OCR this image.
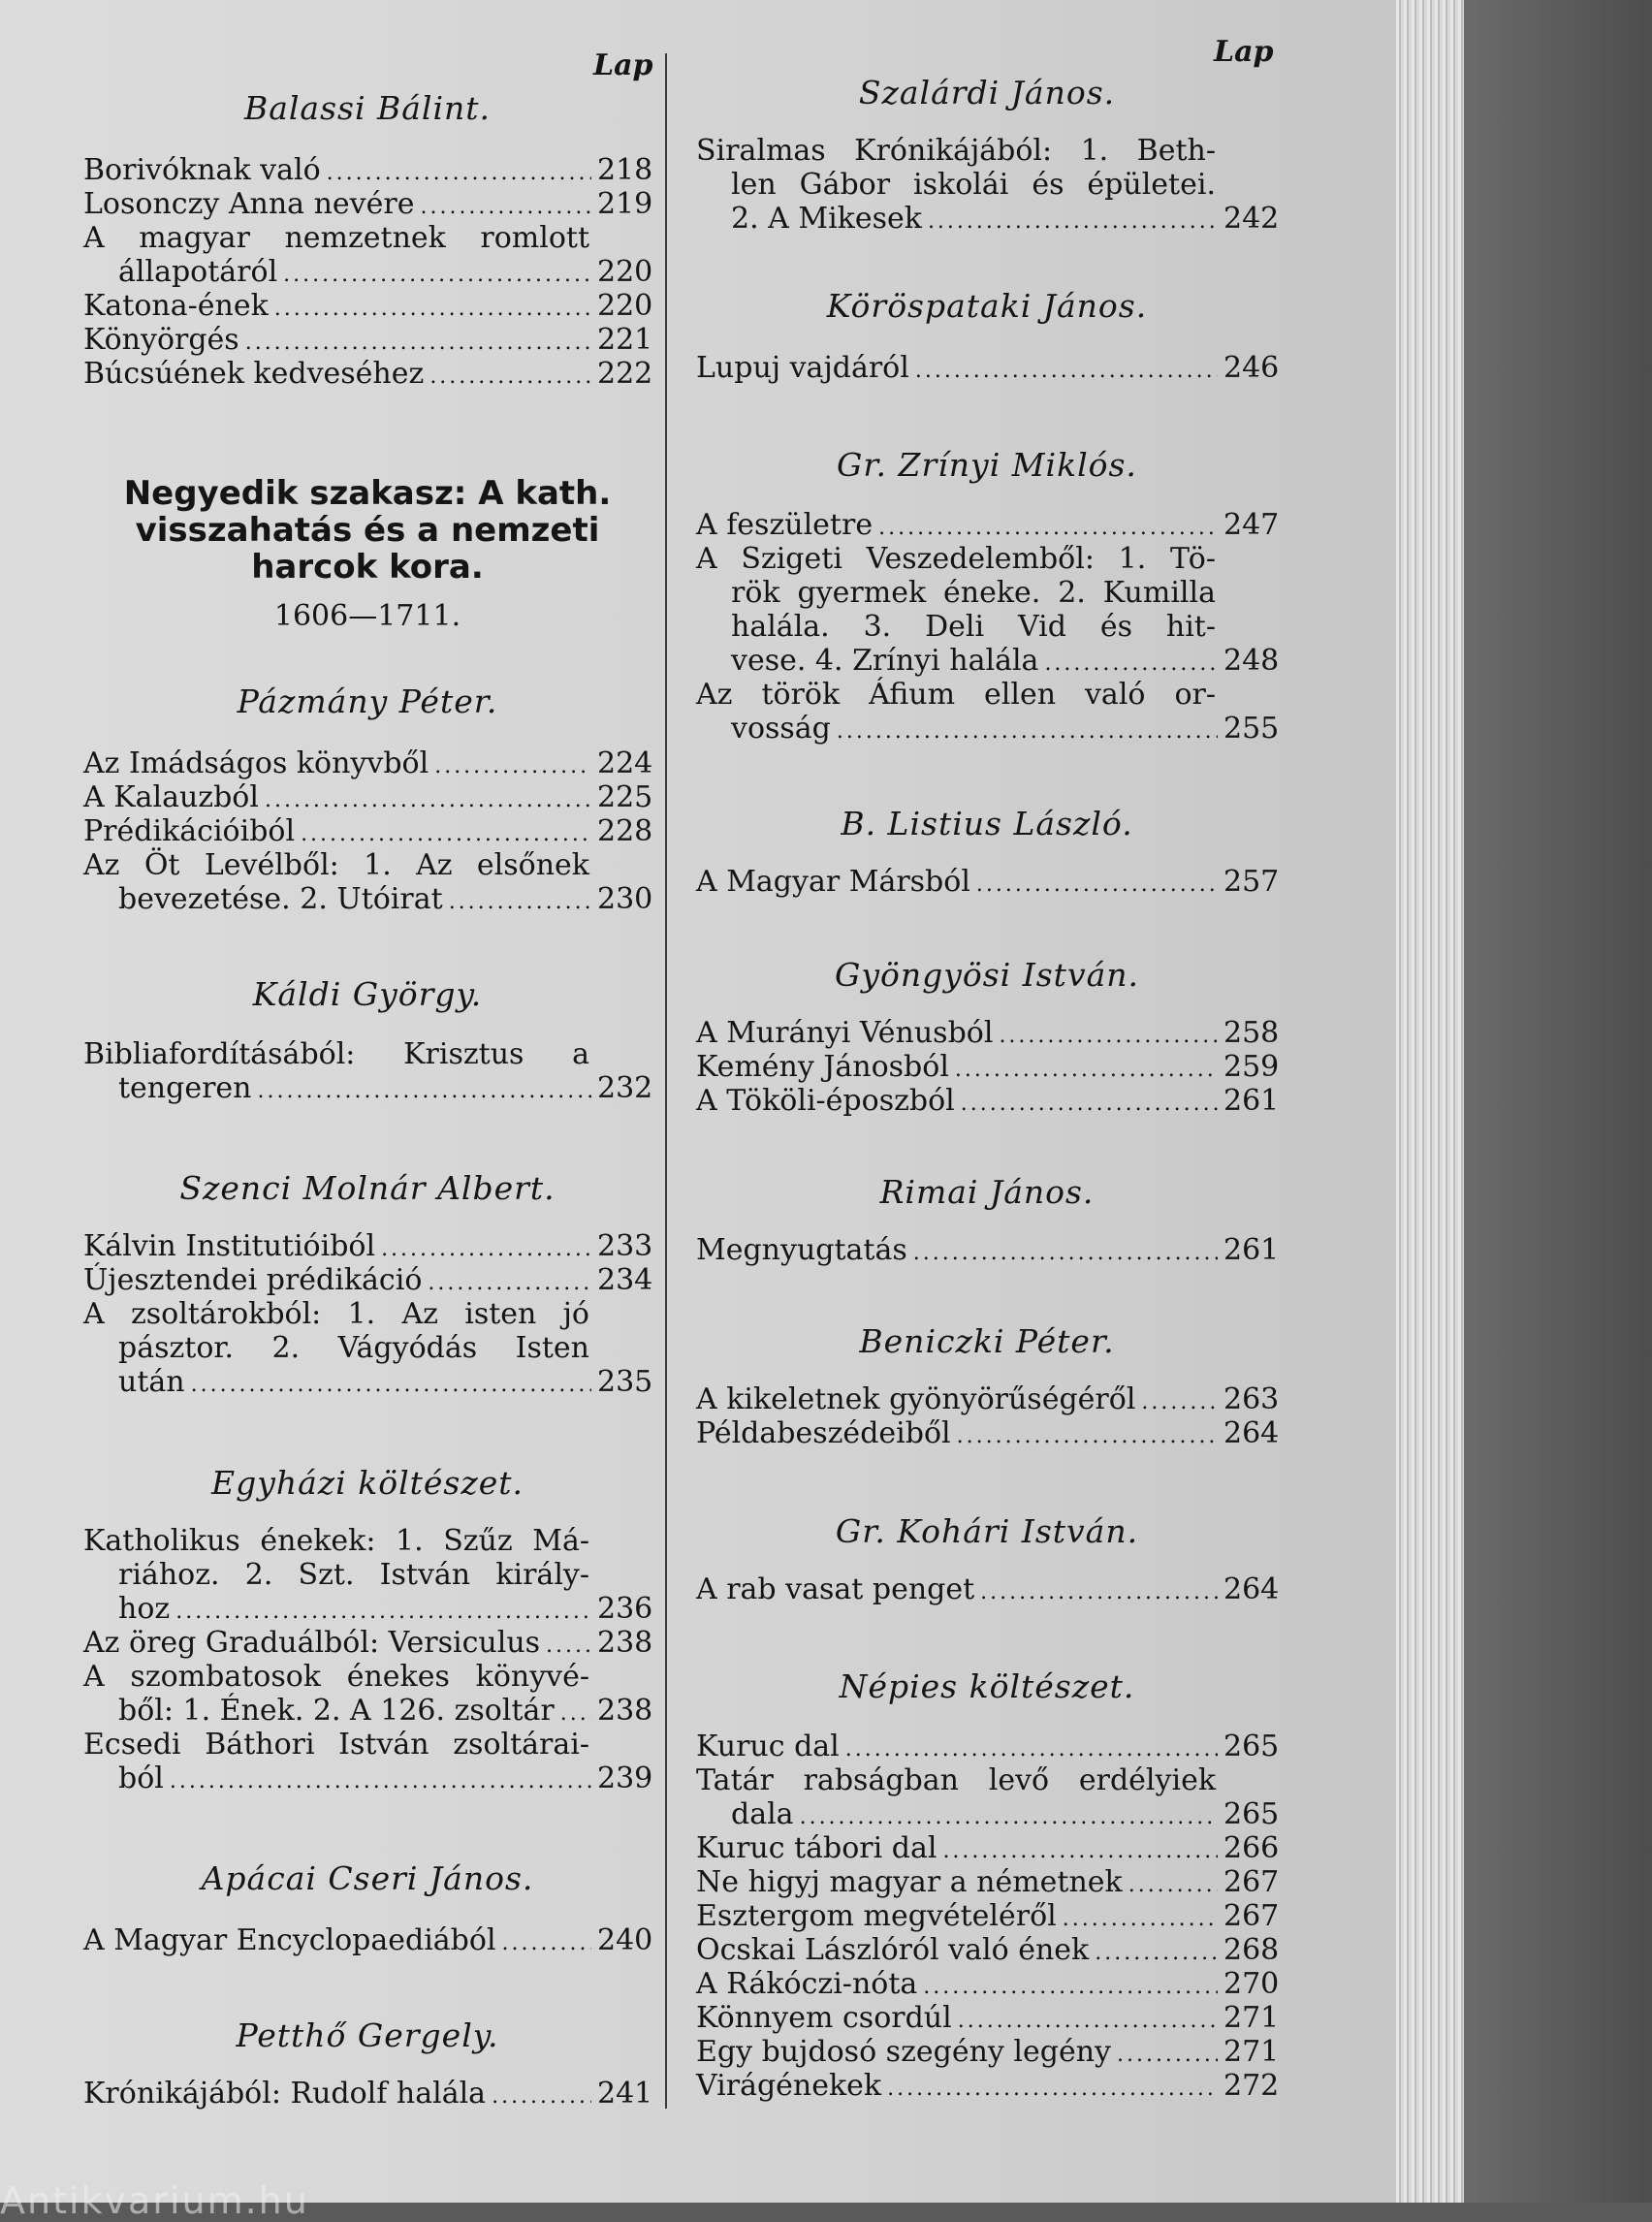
Lap	Lap
Balassi Bálint.
Borivóknak való .....	218
Losonczy Anna nevére .....	219
A magyar nemzetnek romlott
állapotáról .....	220
Katona-ének .....	220
Könyörgés .....	221
Búcsúének kedveséhez .....	222
Negyedik szakasz: A kath.
visszahatás és a nemzeti
harcok kora.
1606—1711.
Pázmány Péter.
Az Imádságos könyvből .....	224
A Kalauzból .....	225
Prédikációiból .....	228
Az Öt Levélből: 1. Az elsőnek
bevezetése. 2. Utóirat .....	230
Káldi György.
Bibliafordításából: Krisztus a
tengeren .....	232
Szenci Molnár Albert.
Kálvin Institutióiból .....	233
Újesztendei prédikáció .....	234
A zsoltárokból: 1. Az isten jó
pásztor. 2. Vágyódás Isten
után .....	235
Egyházi költészet.
Katholikus énekek: 1. Szűz Má-
riához. 2. Szt. István király-
hoz .....	236
Az öreg Graduálból: Versiculus ..... 238
A szombatosok énekes könyvé-
ből: 1. Ének. 2. A 126. zsoltár ..... 238
Ecsedi Báthori István zsoltárai-
ból .....	239
Apácai Cseri János.
A Magyar Encyclopaediából .....	240
Petthő Gergely.
Krónikájából: Rudolf halála .....	241
Szalárdi János.
Siralmas Krónikájából: 1. Beth-
len Gábor iskolái és épületei.
2. A Mikesek .....	242
Köröspataki János.
Lupuj vajdáról .....	246
Gr. Zrínyi Miklós.
A feszületre .....	247
A Szigeti Veszedelemből: 1. Tö-
rök gyermek éneke. 2. Kumilla
halála. 3. Deli Vid és hit-
vese. 4. Zrínyi halála .....	248
Az török Áfium ellen való or-
vosság .....	255
B. Listius László.
A Magyar Mársból .....	257
Gyöngyösi István.
A Murányi Vénusból .....	258
Kemény Jánosból .....	259
A Tököli-époszból .....	261
Rimai János.
Megnyugtatás .....	261
Beniczki Péter.
A kikeletnek gyönyörűségéről .....	263
Példabeszédeiből .....	264
Gr. Kohári István.
A rab vasat penget .....	264
Népies költészet.
Kuruc dal .....	265
Tatár rabságban levő erdélyiek
dala .....	265
Kuruc tábori dal .....	266
Ne higyj magyar a németnek .....	267
Esztergom megvételéről .....	267
Ocskai Lászlóról való ének .....	268
A Rákóczi-nóta .....	270
Könnyem csordúl .....	271
Egy bujdosó szegény legény .....	271
Virágénekek .....	272
Antikvarium.hu
